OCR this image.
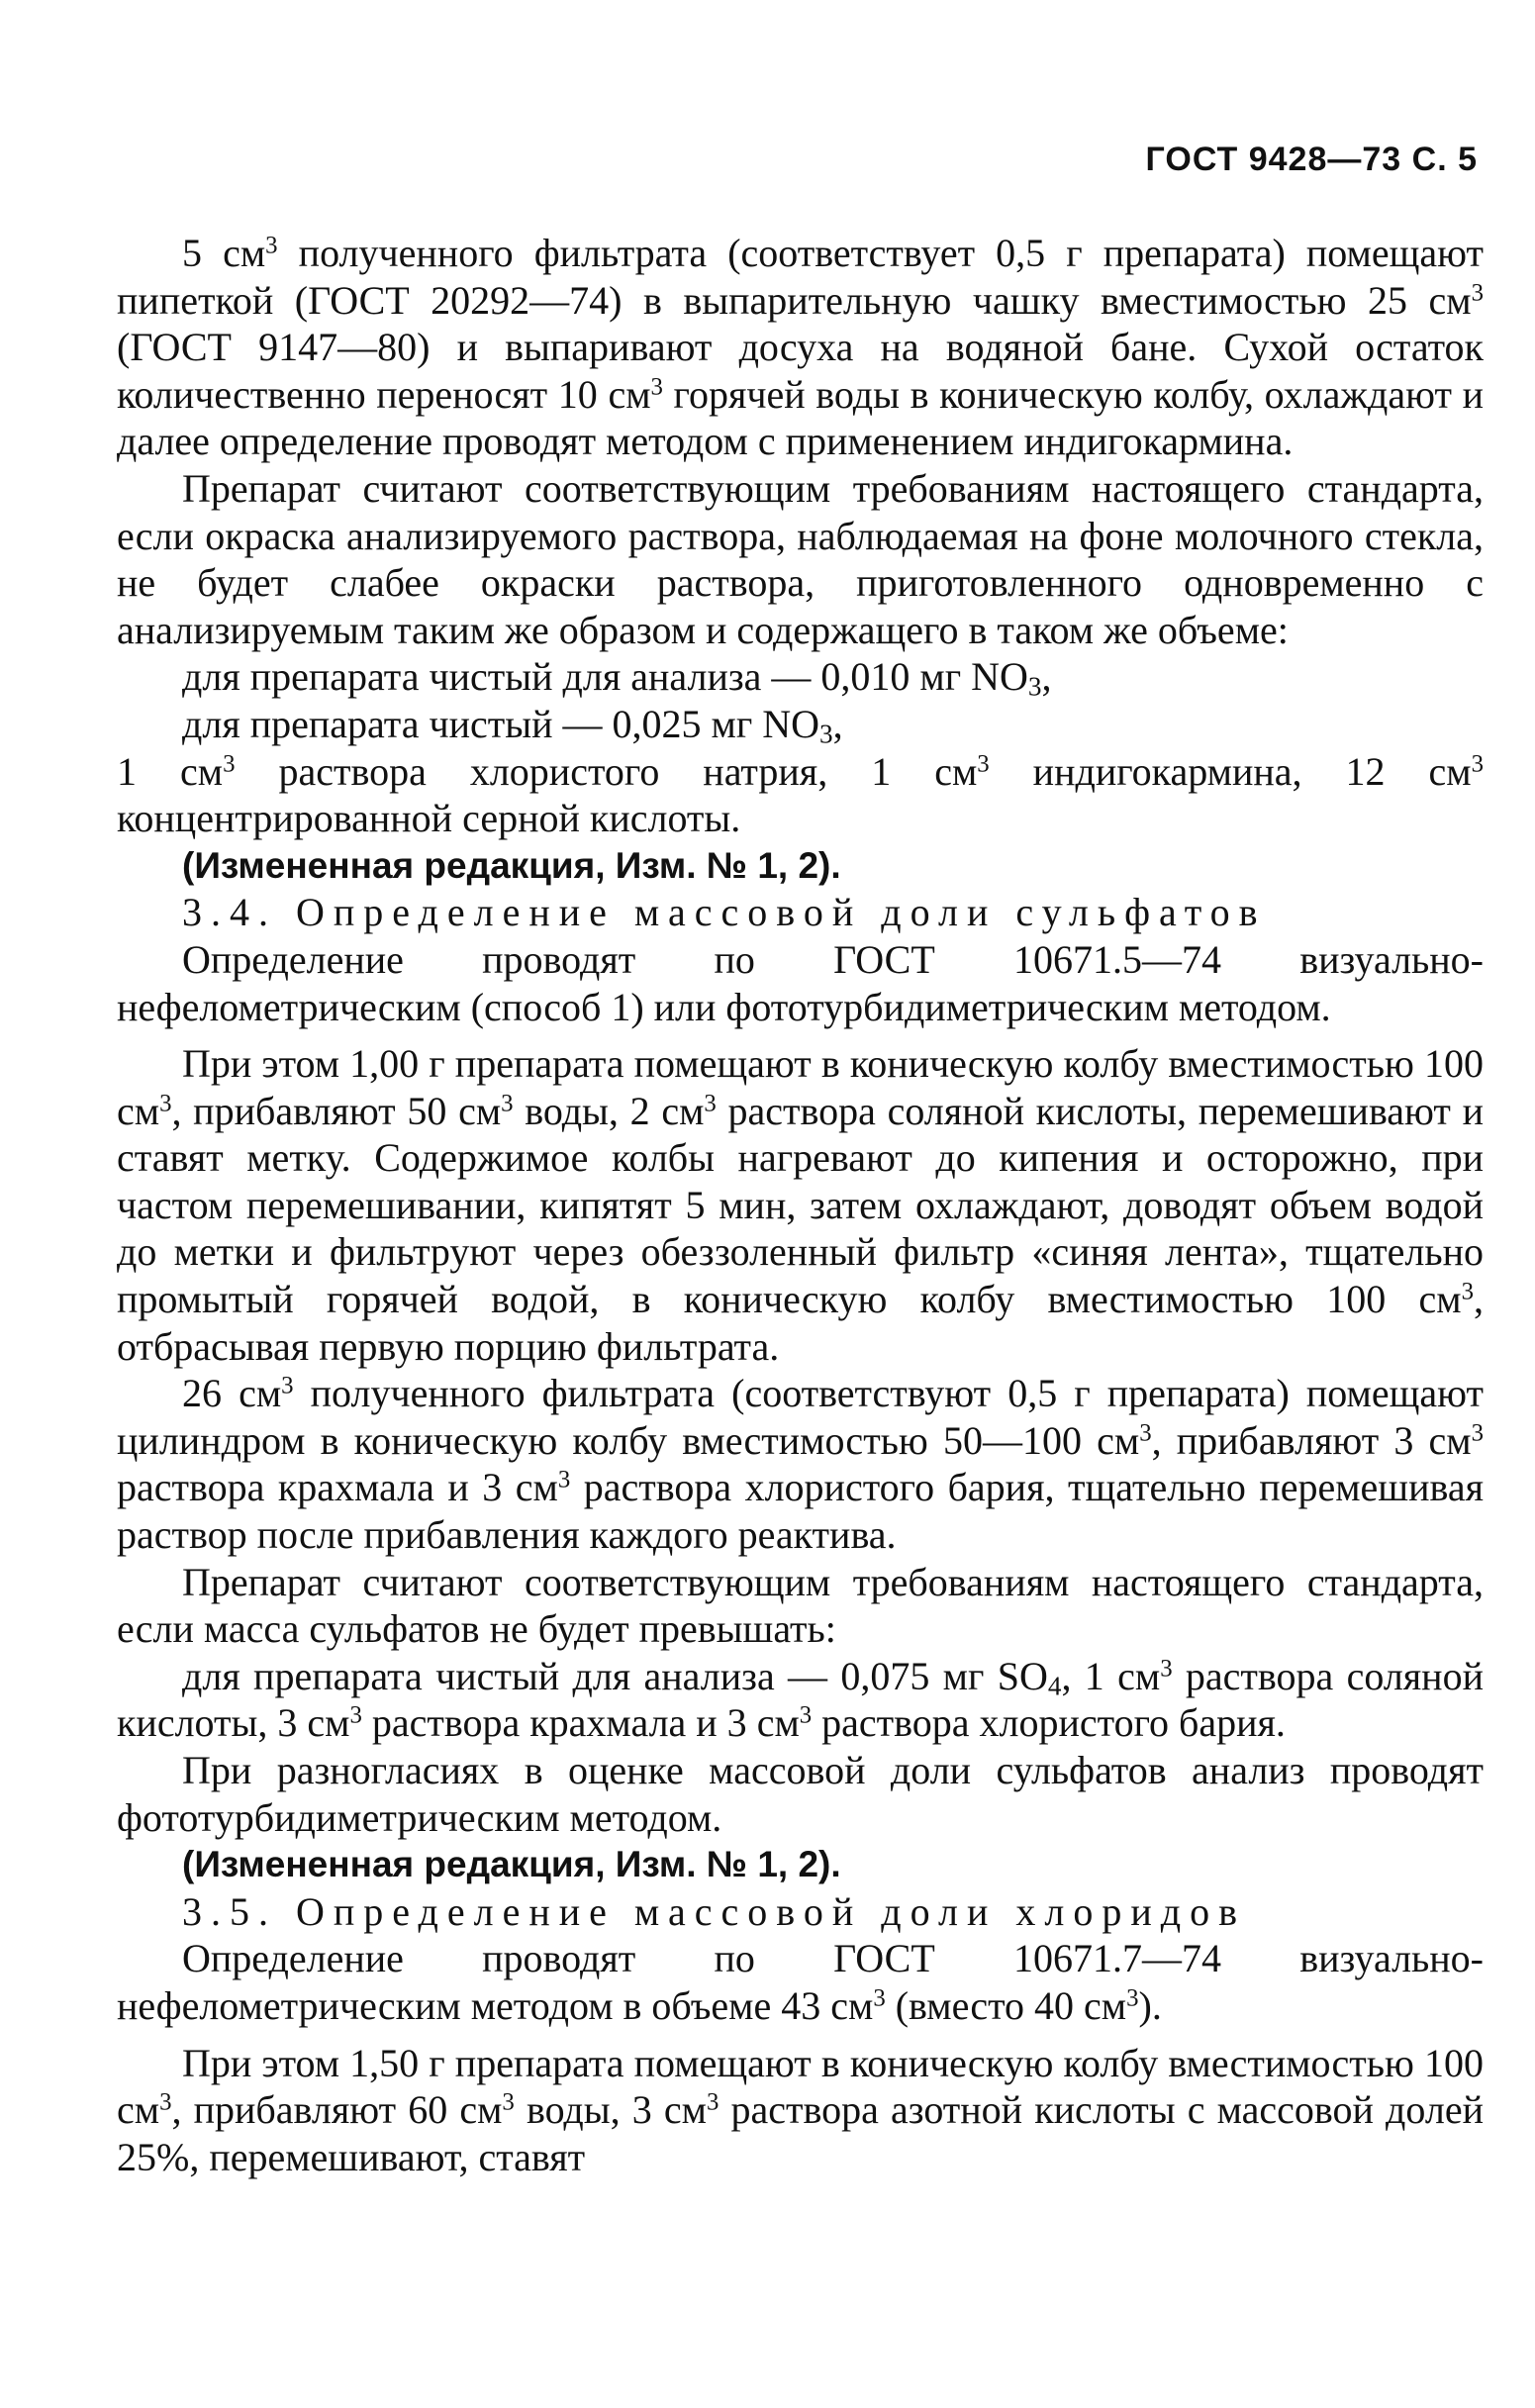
ГОСТ 9428—73 С. 5

5 $см^3$ полученного фильтрата (соответствует 0,5 г препарата) помещают пипеткой (ГОСТ 20292—74) в выпарительную чашку вместимостью 25 $см^3$ (ГОСТ 9147—80) и выпаривают досуха на водяной бане. Сухой остаток количественно переносят 10 $см^3$ горячей воды в коническую колбу, охлаждают и далее определение проводят методом с применением индигокармина.

Препарат считают соответствующим требованиям настоящего стандарта, если окраска анализируемого раствора, наблюдаемая на фоне молочного стекла, не будет слабее окраски раствора, приготовленного одновременно с анализируемым таким же образом и содержащего в таком же объеме:

для препарата чистый для анализа — 0,010 мг $NO_3$,

для препарата чистый — 0,025 мг $NO_3$,

1 $см^3$ раствора хлористого натрия, 1 $см^3$ индигокармина, 12 $см^3$ концентрированной серной кислоты.

(Измененная редакция, Изм. № 1, 2).

3.4. Определение массовой доли сульфатов

Определение проводят по ГОСТ 10671.5—74 визуально-нефелометрическим (способ 1) или фототурбидиметрическим методом.

При этом 1,00 г препарата помещают в коническую колбу вместимостью 100 $см^3$, прибавляют 50 $см^3$ воды, 2 $см^3$ раствора соляной кислоты, перемешивают и ставят метку. Содержимое колбы нагревают до кипения и осторожно, при частом перемешивании, кипятят 5 мин, затем охлаждают, доводят объем водой до метки и фильтруют через обеззоленный фильтр «синяя лента», тщательно промытый горячей водой, в коническую колбу вместимостью 100 $см^3$, отбрасывая первую порцию фильтрата.

26 $см^3$ полученного фильтрата (соответствуют 0,5 г препарата) помещают цилиндром в коническую колбу вместимостью 50—100 $см^3$, прибавляют 3 $см^3$ раствора крахмала и 3 $см^3$ раствора хлористого бария, тщательно перемешивая раствор после прибавления каждого реактива.

Препарат считают соответствующим требованиям настоящего стандарта, если масса сульфатов не будет превышать:

для препарата чистый для анализа — 0,075 мг $SO_4$, 1 $см^3$ раствора соляной кислоты, 3 $см^3$ раствора крахмала и 3 $см^3$ раствора хлористого бария.

При разногласиях в оценке массовой доли сульфатов анализ проводят фототурбидиметрическим методом.

(Измененная редакция, Изм. № 1, 2).

3.5. Определение массовой доли хлоридов

Определение проводят по ГОСТ 10671.7—74 визуально-нефелометрическим методом в объеме 43 $см^3$ (вместо 40 $см^3$).

При этом 1,50 г препарата помещают в коническую колбу вместимостью 100 $см^3$, прибавляют 60 $см^3$ воды, 3 $см^3$ раствора азотной кислоты с массовой долей 25%, перемешивают, ставят
